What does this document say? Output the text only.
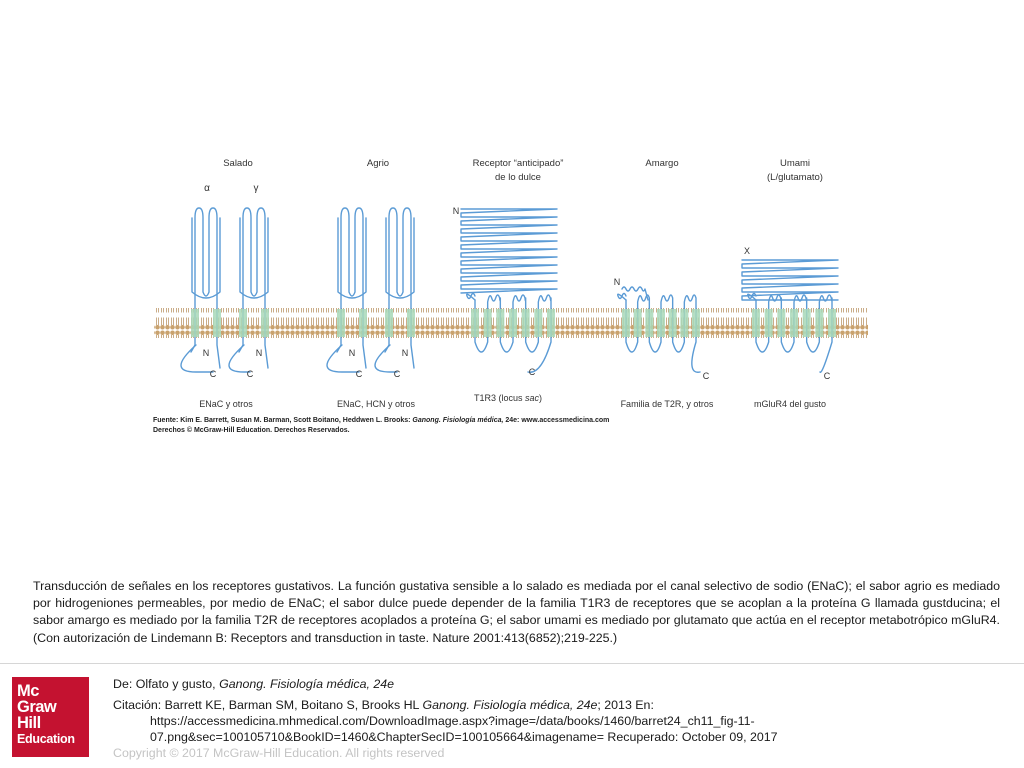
Salado
α	γ
Agrio	Receptor “anticipado”
de lo dulce
Amargo	Umami
(L/glutamato)
N	N
C	C
N	N
C	C
N
C
N
C
X
C
ENaC y otros	ENaC, HCN y otros
T1R3 (locus sac)
Familia de T2R, y otros	mGluR4 del gusto
Fuente: Kim E. Barrett, Susan M. Barman, Scott Boitano, Heddwen L. Brooks: Ganong. Fisiología médica, 24e: www.accessmedicina.com
Derechos © McGraw-Hill Education. Derechos Reservados.

Transducción de señales en los receptores gustativos. La función gustativa sensible a lo salado es mediada por el canal selectivo de sodio (ENaC); el sabor agrio es mediado por hidrogeniones permeables, por medio de ENaC; el sabor dulce puede depender de la familia T1R3 de receptores que se acoplan a la proteína G llamada gustducina; el sabor amargo es mediado por la familia T2R de receptores acoplados a proteína G; el sabor umami es mediado por glutamato que actúa en el receptor metabotrópico mGluR4. (Con autorización de Lindemann B: Receptors and transduction in taste. Nature 2001:413(6852);219-225.)

Mc
Graw
Hill
Education

De: Olfato y gusto, Ganong. Fisiología médica, 24e

Citación: Barrett KE, Barman SM, Boitano S, Brooks HL Ganong. Fisiología médica, 24e; 2013 En:

https://accessmedicina.mhmedical.com/DownloadImage.aspx?image=/data/books/1460/barret24_ch11_fig-11-

07.png&sec=100105710&BookID=1460&ChapterSecID=100105664&imagename= Recuperado: October 09, 2017

Copyright © 2017 McGraw-Hill Education. All rights reserved
